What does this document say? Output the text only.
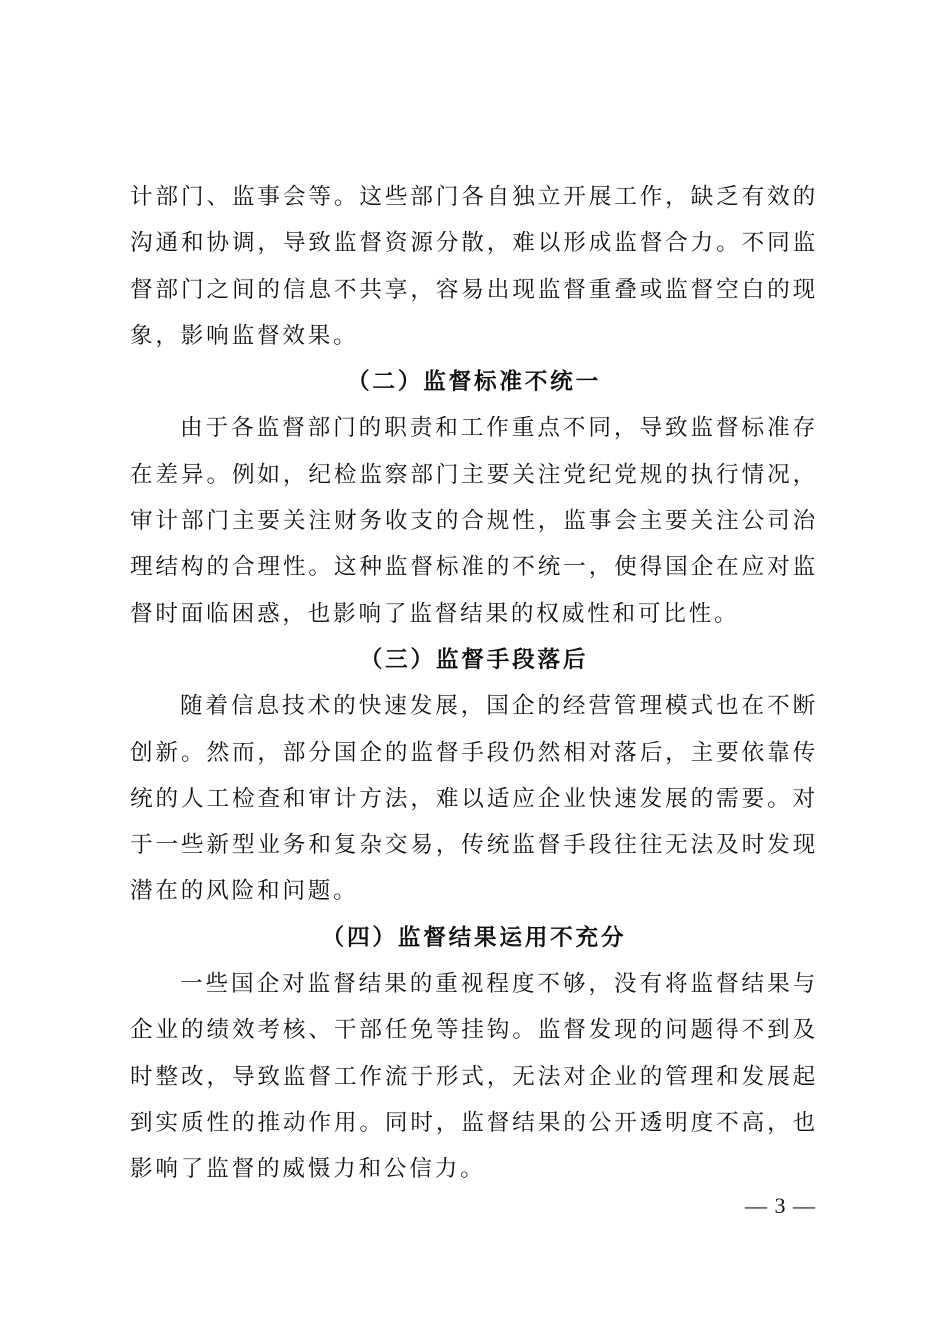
计部门、监事会等。这些部门各自独立开展工作，缺乏有效的沟通和协调，导致监督资源分散，难以形成监督合力。不同监督部门之间的信息不共享，容易出现监督重叠或监督空白的现象，影响监督效果。

（二）监督标准不统一

由于各监督部门的职责和工作重点不同，导致监督标准存在差异。例如，纪检监察部门主要关注党纪党规的执行情况，审计部门主要关注财务收支的合规性，监事会主要关注公司治理结构的合理性。这种监督标准的不统一，使得国企在应对监督时面临困惑，也影响了监督结果的权威性和可比性。

（三）监督手段落后

随着信息技术的快速发展，国企的经营管理模式也在不断创新。然而，部分国企的监督手段仍然相对落后，主要依靠传统的人工检查和审计方法，难以适应企业快速发展的需要。对于一些新型业务和复杂交易，传统监督手段往往无法及时发现潜在的风险和问题。

（四）监督结果运用不充分

一些国企对监督结果的重视程度不够，没有将监督结果与企业的绩效考核、干部任免等挂钩。监督发现的问题得不到及时整改，导致监督工作流于形式，无法对企业的管理和发展起到实质性的推动作用。同时，监督结果的公开透明度不高，也影响了监督的威慑力和公信力。

— 3 —
